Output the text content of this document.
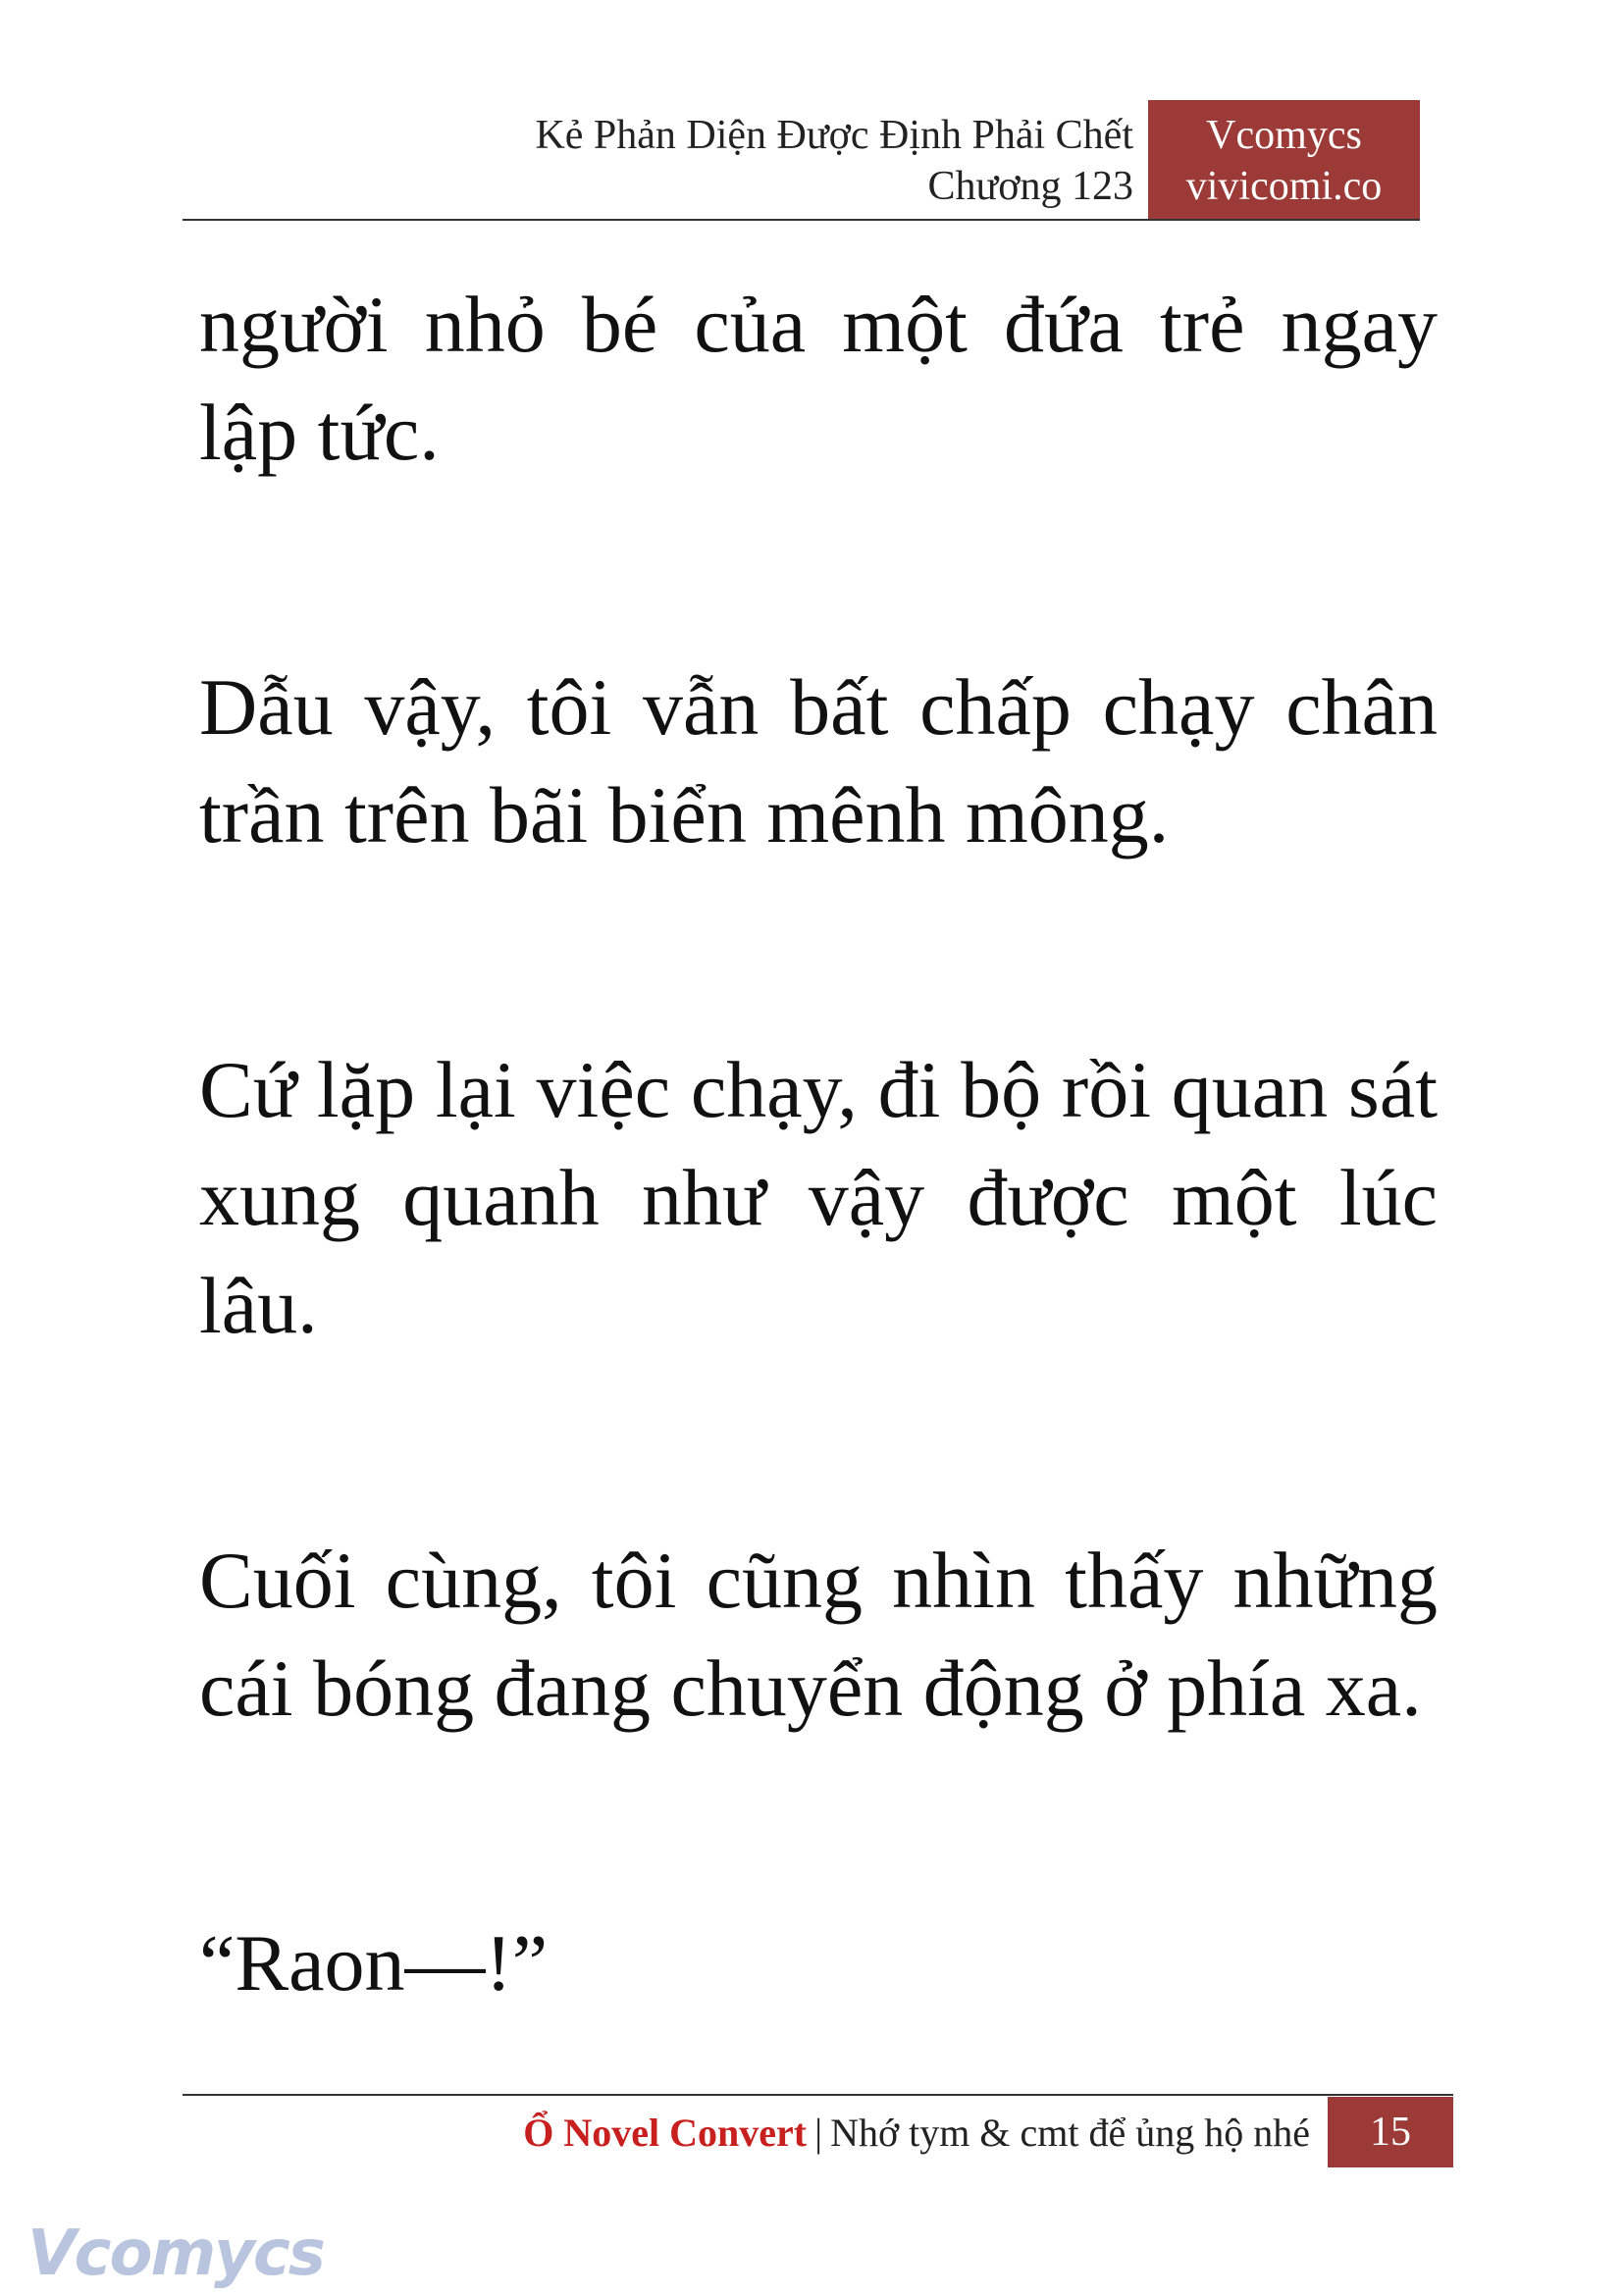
Kẻ Phản Diện Được Định Phải Chết
Chương 123
Vcomycs
vivicomi.co

người nhỏ bé của một đứa trẻ ngay lập tức.

Dẫu vậy, tôi vẫn bất chấp chạy chân trần trên bãi biển mênh mông.

Cứ lặp lại việc chạy, đi bộ rồi quan sát xung quanh như vậy được một lúc lâu.

Cuối cùng, tôi cũng nhìn thấy những cái bóng đang chuyển động ở phía xa.

“Raon—!”

Ổ Novel Convert | Nhớ tym & cmt để ủng hộ nhé	15
Vcomycs
